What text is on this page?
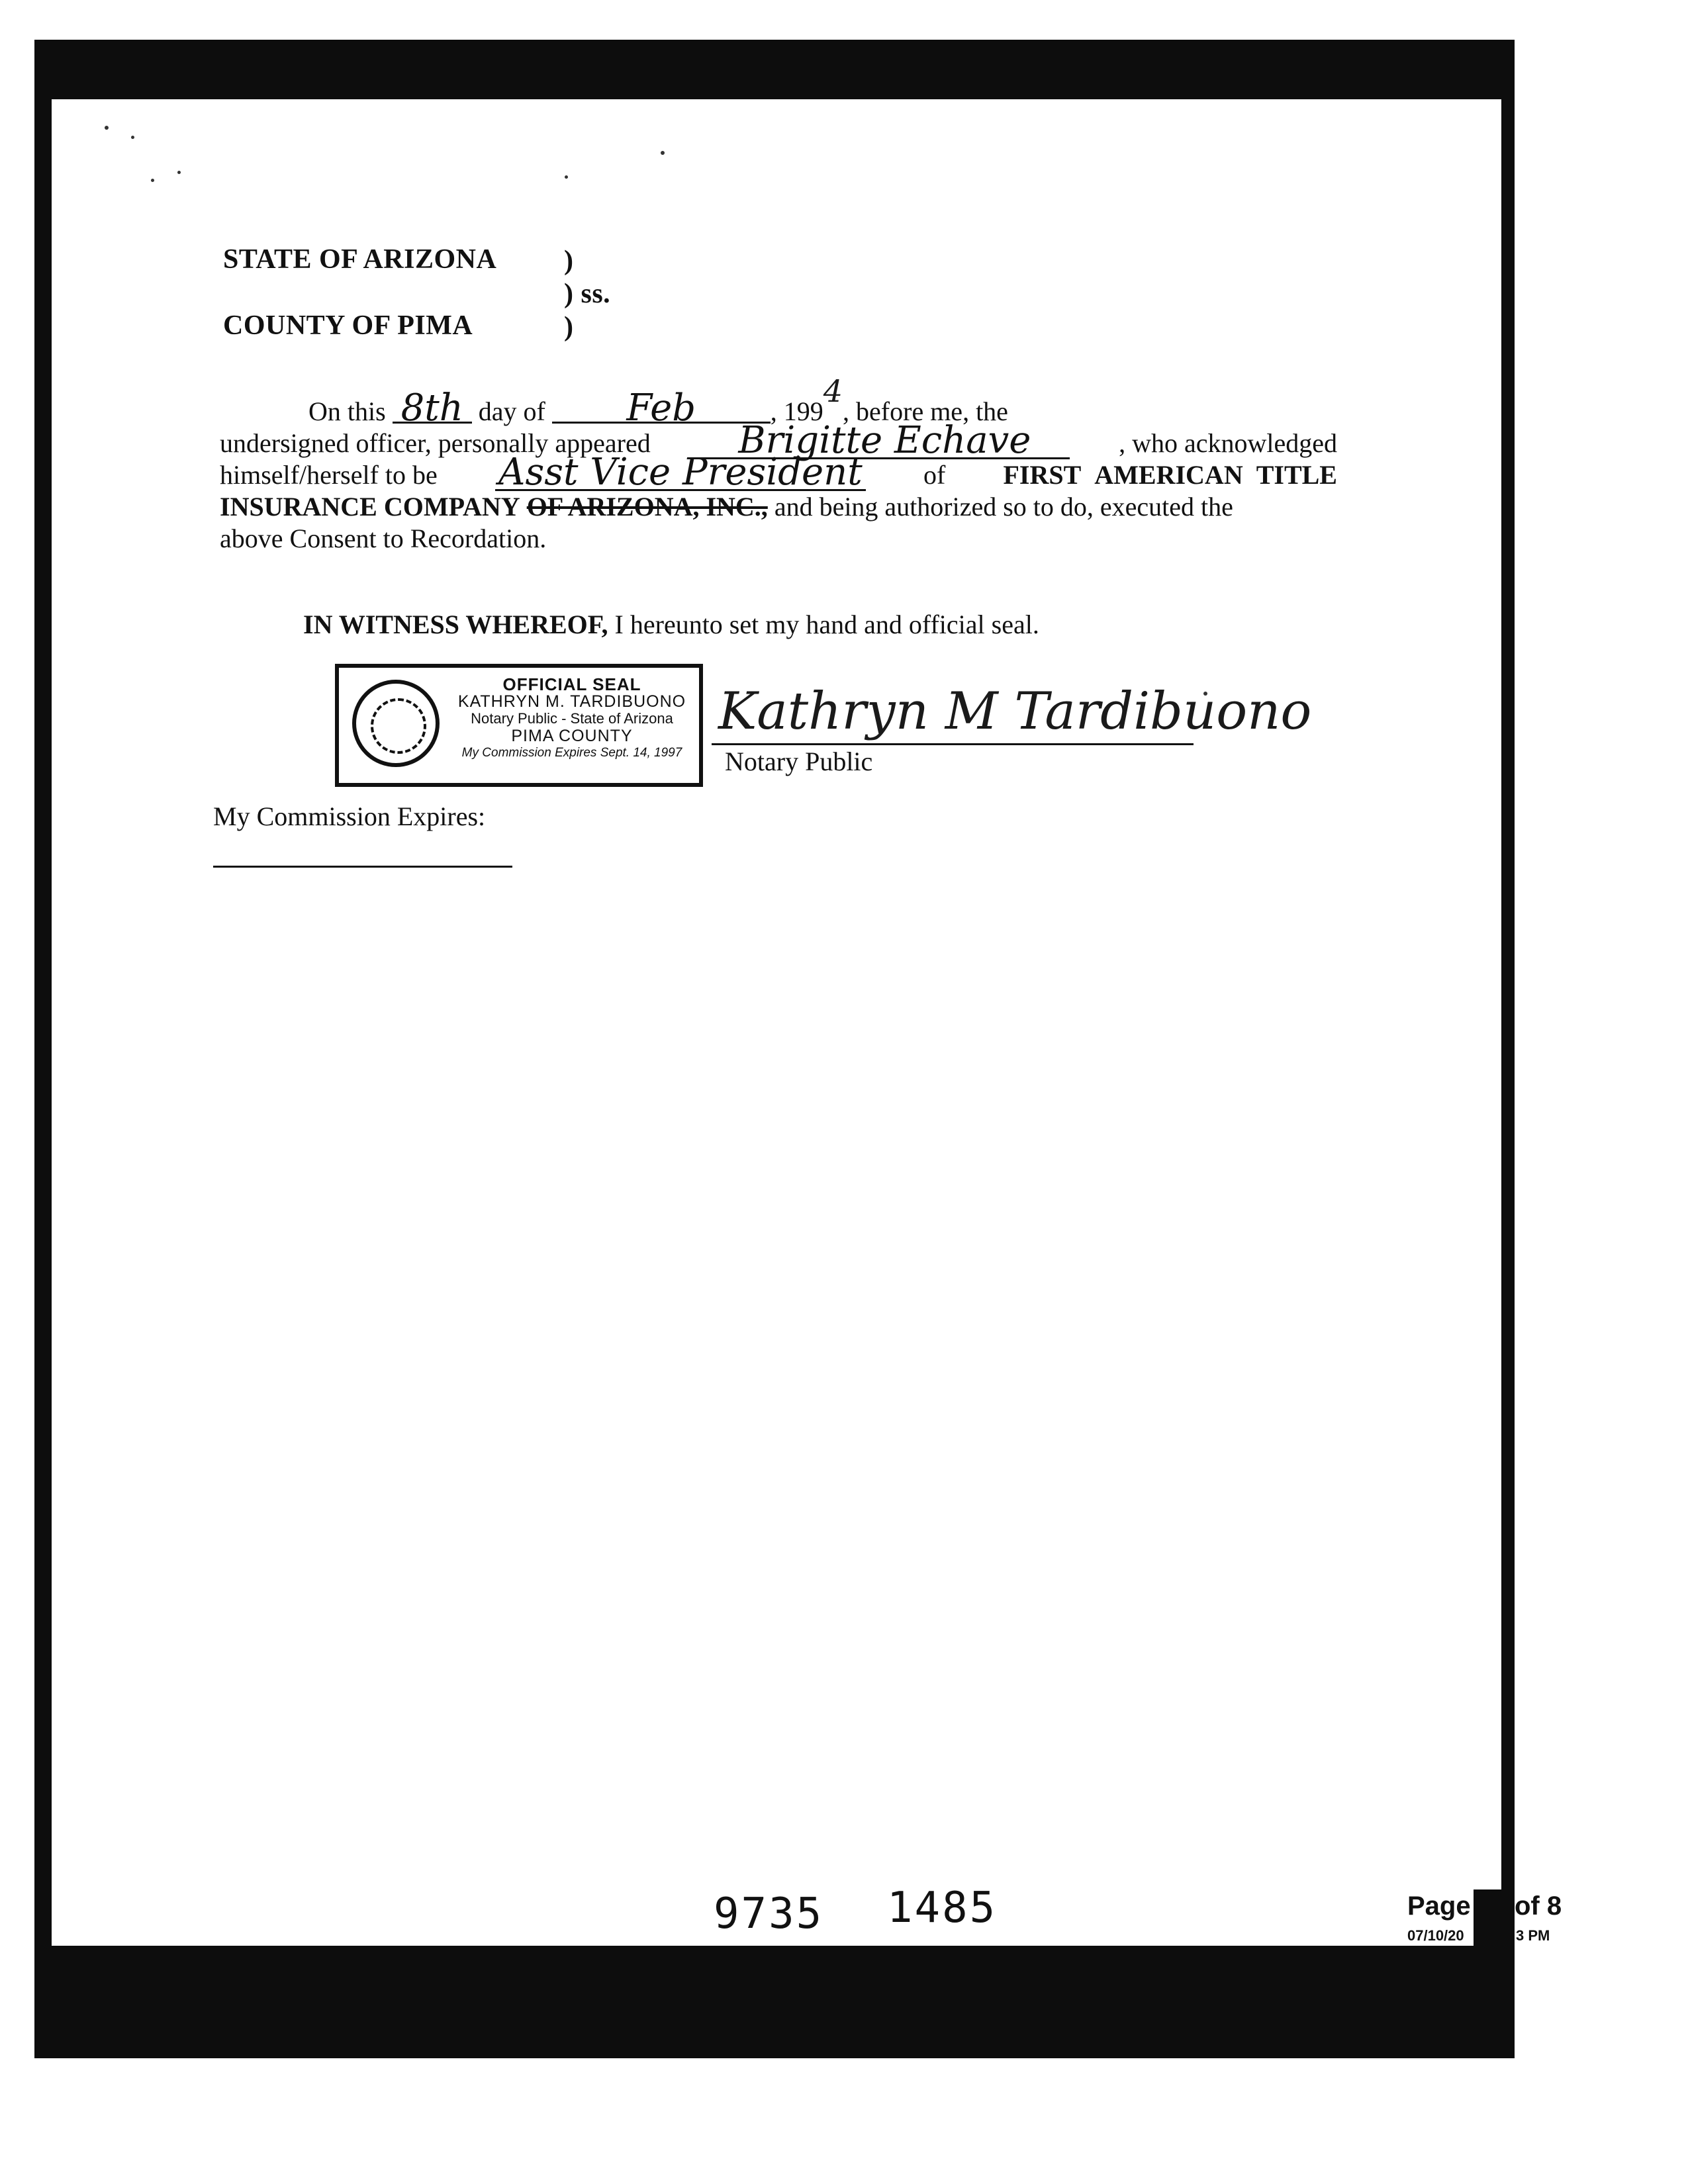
STATE OF ARIZONA
COUNTY OF PIMA
)
) ss.
)
On this 8th day of Feb	, 1994, before me, the
undersigned officer, personally appeared	Brigitte Echave	, who acknowledged
himself/herself to be Asst Vice President of FIRST  AMERICAN  TITLE
INSURANCE COMPANY OF ARIZONA, INC., and being authorized so to do, executed the
above Consent to Recordation.
IN WITNESS WHEREOF, I hereunto set my hand and official seal.
OFFICIAL SEAL
KATHRYN M. TARDIBUONO
Notary Public - State of Arizona
PIMA COUNTY
My Commission Expires Sept. 14, 1997
Kathryn M Tardibuono
Notary Public
My Commission Expires:
9735 1485	Page of 8
07/10/20	3 PM
